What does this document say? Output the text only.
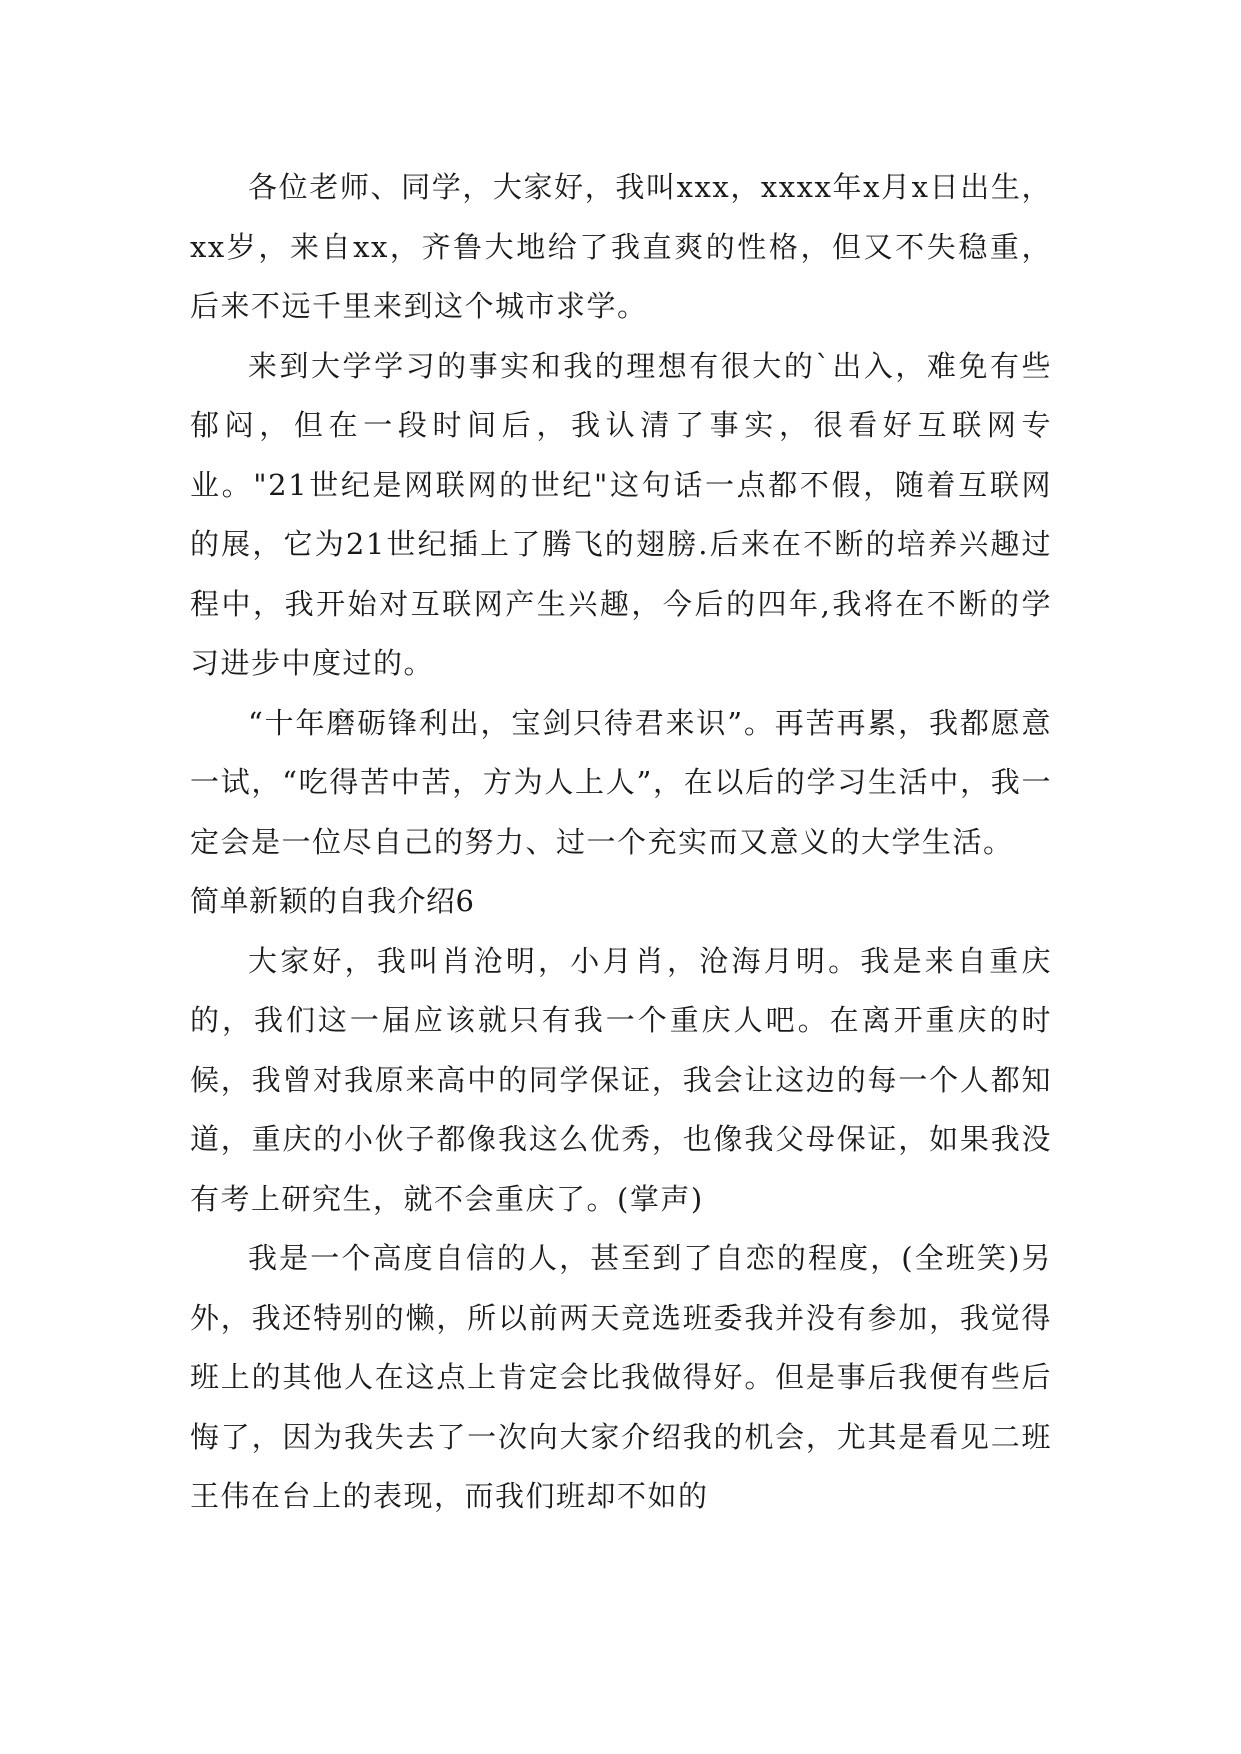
各位老师、同学，大家好，我叫xxx，xxxx年x月x日出生，xx岁，来自xx，齐鲁大地给了我直爽的性格，但又不失稳重，后来不远千里来到这个城市求学。

来到大学学习的事实和我的理想有很大的`出入，难免有些郁闷，但在一段时间后，我认清了事实，很看好互联网专业。"21世纪是网联网的世纪"这句话一点都不假，随着互联网的展，它为21世纪插上了腾飞的翅膀.后来在不断的培养兴趣过程中，我开始对互联网产生兴趣，今后的四年,我将在不断的学习进步中度过的。

“十年磨砺锋利出，宝剑只待君来识”。再苦再累，我都愿意一试，“吃得苦中苦，方为人上人”，在以后的学习生活中，我一定会是一位尽自己的努力、过一个充实而又意义的大学生活。

简单新颖的自我介绍6

大家好，我叫肖沧明，小月肖，沧海月明。我是来自重庆的，我们这一届应该就只有我一个重庆人吧。在离开重庆的时候，我曾对我原来高中的同学保证，我会让这边的每一个人都知道，重庆的小伙子都像我这么优秀，也像我父母保证，如果我没有考上研究生，就不会重庆了。(掌声)

我是一个高度自信的人，甚至到了自恋的程度，(全班笑)另外，我还特别的懒，所以前两天竞选班委我并没有参加，我觉得班上的其他人在这点上肯定会比我做得好。但是事后我便有些后悔了，因为我失去了一次向大家介绍我的机会，尤其是看见二班王伟在台上的表现，而我们班却不如的
